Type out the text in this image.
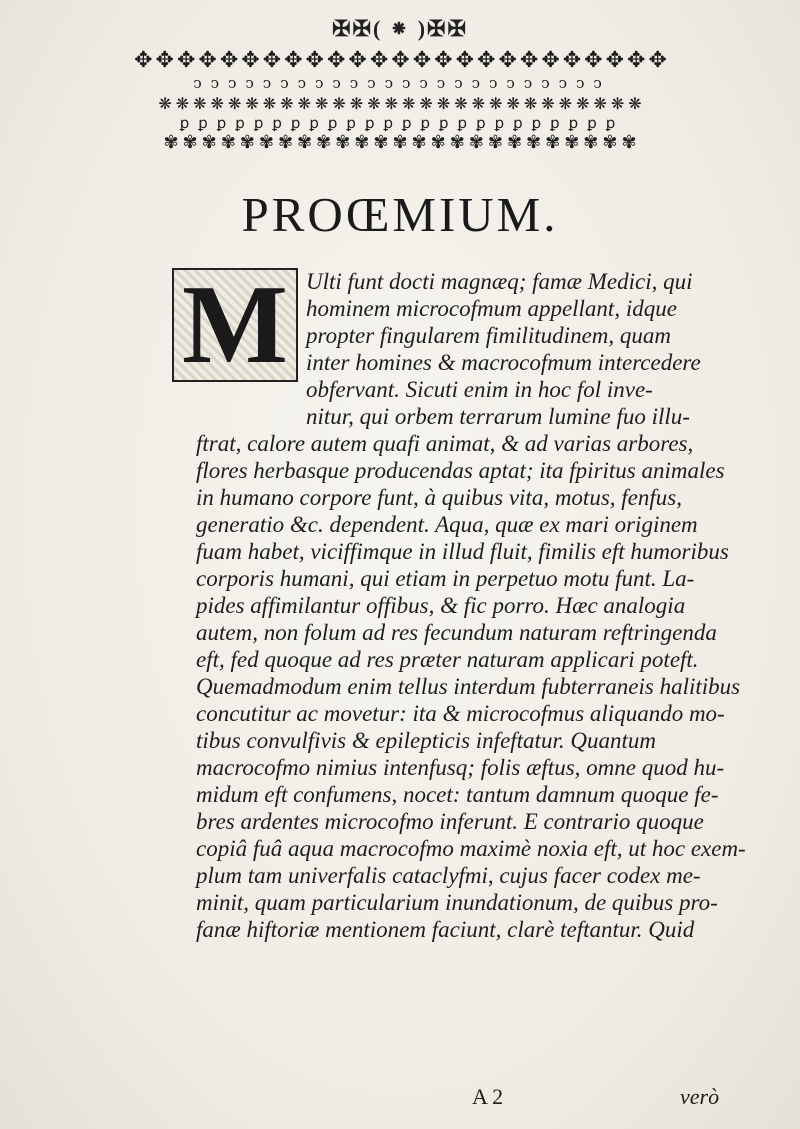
✠✠( ⁕ )✠✠
✥✥✥✥✥✥✥✥✥✥✥✥✥✥✥✥✥✥✥✥✥✥✥✥✥
ↄↄↄↄↄↄↄↄↄↄↄↄↄↄↄↄↄↄↄↄↄↄↄↄ
❋❋❋❋❋❋❋❋❋❋❋❋❋❋❋❋❋❋❋❋❋❋❋❋❋❋❋❋
ꝑꝑꝑꝑꝑꝑꝑꝑꝑꝑꝑꝑꝑꝑꝑꝑꝑꝑꝑꝑꝑꝑꝑꝑ
✾✾✾✾✾✾✾✾✾✾✾✾✾✾✾✾✾✾✾✾✾✾✾✾✾
PROŒMIUM.
M Ulti funt docti magnæq; famæ Medici, qui
hominem microcofmum appellant, idque
propter fingularem fimilitudinem, quam
inter homines & macrocofmum intercedere
obfervant. Sicuti enim in hoc fol inve-
nitur, qui orbem terrarum lumine fuo illu-
ftrat, calore autem quafi animat, & ad varias arbores,
flores herbasque producendas aptat; ita fpiritus animales
in humano corpore funt, à quibus vita, motus, fenfus,
generatio &c. dependent. Aqua, quæ ex mari originem
fuam habet, viciffimque in illud fluit, fimilis eft humoribus
corporis humani, qui etiam in perpetuo motu funt. La-
pides affimilantur offibus, & fic porro. Hæc analogia
autem, non folum ad res fecundum naturam reftringenda
eft, fed quoque ad res præter naturam applicari poteft.
Quemadmodum enim tellus interdum fubterraneis halitibus
concutitur ac movetur: ita & microcofmus aliquando mo-
tibus convulfivis & epilepticis infeftatur. Quantum
macrocofmo nimius intenfusq; folis æftus, omne quod hu-
midum eft confumens, nocet: tantum damnum quoque fe-
bres ardentes microcofmo inferunt. E contrario quoque
copiâ fuâ aqua macrocofmo maximè noxia eft, ut hoc exem-
plum tam univerfalis cataclyfmi, cujus facer codex me-
minit, quam particularium inundationum, de quibus pro-
fanæ hiftoriæ mentionem faciunt, clarè teftantur. Quid
A 2	verò
